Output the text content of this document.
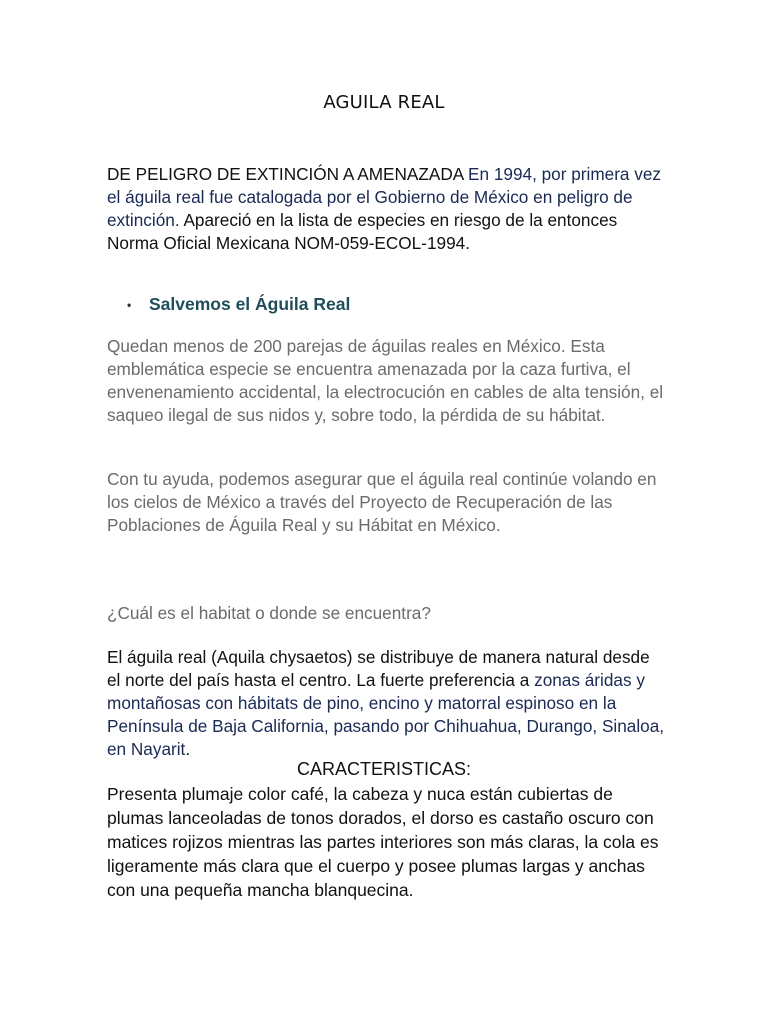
AGUILA REAL
DE PELIGRO DE EXTINCIÓN A AMENAZADA En 1994, por primera vez el águila real fue catalogada por el Gobierno de México en peligro de extinción. Apareció en la lista de especies en riesgo de la entonces Norma Oficial Mexicana NOM-059-ECOL-1994.
• Salvemos el Águila Real
Quedan menos de 200 parejas de águilas reales en México. Esta emblemática especie se encuentra amenazada por la caza furtiva, el envenenamiento accidental, la electrocución en cables de alta tensión, el saqueo ilegal de sus nidos y, sobre todo, la pérdida de su hábitat.
Con tu ayuda, podemos asegurar que el águila real continúe volando en los cielos de México a través del Proyecto de Recuperación de las Poblaciones de Águila Real y su Hábitat en México.
¿Cuál es el habitat o donde se encuentra?
El águila real (Aquila chysaetos) se distribuye de manera natural desde el norte del país hasta el centro. La fuerte preferencia a zonas áridas y montañosas con hábitats de pino, encino y matorral espinoso en la Península de Baja California, pasando por Chihuahua, Durango, Sinaloa, en Nayarit.
CARACTERISTICAS:
Presenta plumaje color café, la cabeza y nuca están cubiertas de plumas lanceoladas de tonos dorados, el dorso es castaño oscuro con matices rojizos mientras las partes interiores son más claras, la cola es ligeramente más clara que el cuerpo y posee plumas largas y anchas con una pequeña mancha blanquecina.
